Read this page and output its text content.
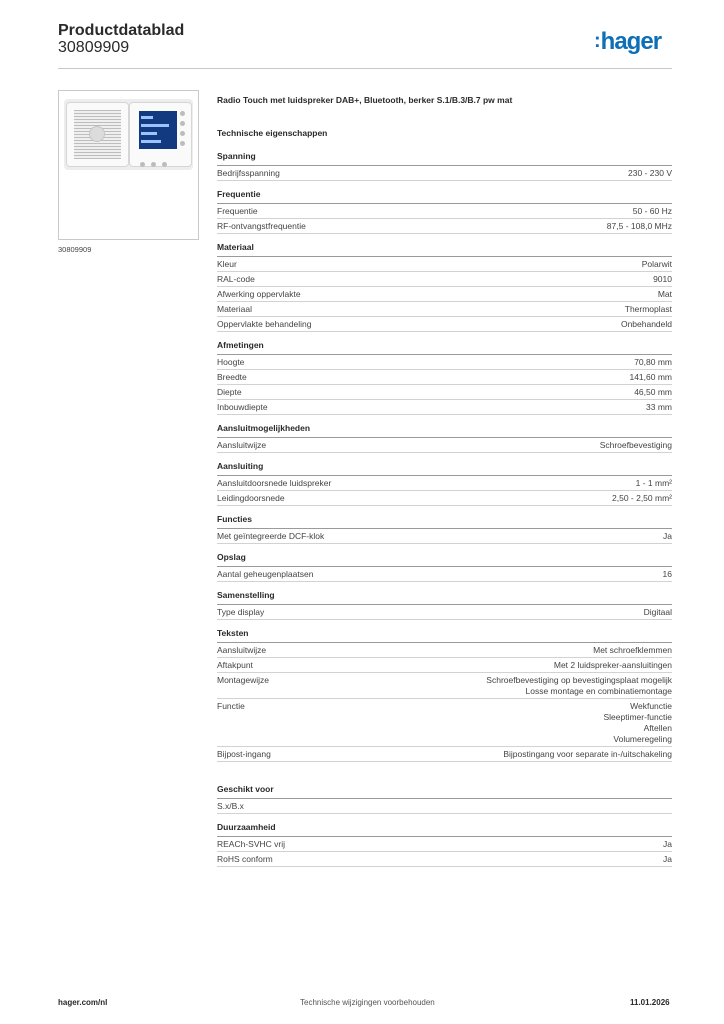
Productdatablad
30809909	:hager
30809909
Radio Touch met luidspreker DAB+, Bluetooth, berker S.1/B.3/B.7 pw mat
Technische eigenschappen
Spanning
Bedrijfsspanning	230 - 230 V
Frequentie
Frequentie	50 - 60 Hz
RF-ontvangstfrequentie	87,5 - 108,0 MHz
Materiaal
Kleur	Polarwit
RAL-code	9010
Afwerking oppervlakte	Mat
Materiaal	Thermoplast
Oppervlakte behandeling	Onbehandeld
Afmetingen
Hoogte	70,80 mm
Breedte	141,60 mm
Diepte	46,50 mm
Inbouwdiepte	33 mm
Aansluitmogelijkheden
Aansluitwijze	Schroefbevestiging
Aansluiting
Aansluitdoorsnede luidspreker	1 - 1 mm²
Leidingdoorsnede	2,50 - 2,50 mm²
Functies
Met geïntegreerde DCF-klok	Ja
Opslag
Aantal geheugenplaatsen	16
Samenstelling
Type display	Digitaal
Teksten
Aansluitwijze	Met schroefklemmen
Aftakpunt	Met 2 luidspreker-aansluitingen
Montagewijze	Schroefbevestiging op bevestigingsplaat mogelijk
Losse montage en combinatiemontage
Functie	Wekfunctie
Sleeptimer-functie
Aftellen
Volumeregeling
Bijpost-ingang	Bijpostingang voor separate in-/uitschakeling
Geschikt voor
S.x/B.x
Duurzaamheid
REACh-SVHC vrij	Ja
RoHS conform	Ja
hager.com/nl	Technische wijzigingen voorbehouden	11.01.2026
